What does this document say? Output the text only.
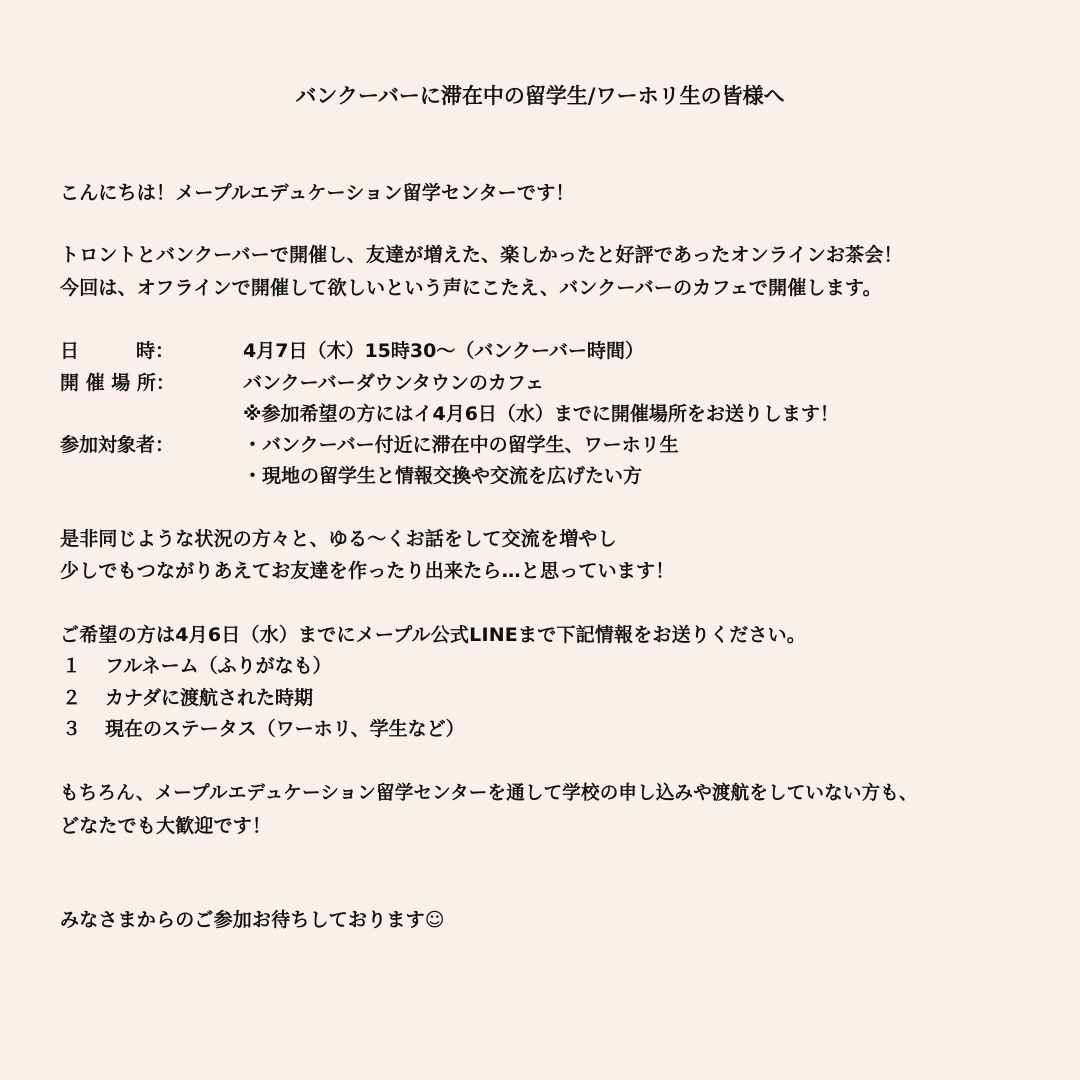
バンクーバーに滞在中の留学生/ワーホリ生の皆様へ
こんにちは！メープルエデュケーション留学センターです！
トロントとバンクーバーで開催し、友達が増えた、楽しかったと好評であったオンラインお茶会！
今回は、オフラインで開催して欲しいという声にこたえ、バンクーバーのカフェで開催します。
日　　　時：	4月7日（木）15時30～（バンクーバー時間）
開 催 場 所：	バンクーバーダウンタウンのカフェ
※参加希望の方にはイ4月6日（水）までに開催場所をお送りします！
参加対象者：	・バンクーバー付近に滞在中の留学生、ワーホリ生
・現地の留学生と情報交換や交流を広げたい方
是非同じような状況の方々と、ゆる～くお話をして交流を増やし
少しでもつながりあえてお友達を作ったり出来たら…と思っています！
ご希望の方は4月6日（水）までにメープル公式LINEまで下記情報をお送りください。
１ フルネーム（ふりがなも）
２ カナダに渡航された時期
３ 現在のステータス（ワーホリ、学生など）
もちろん、メープルエデュケーション留学センターを通して学校の申し込みや渡航をしていない方も、
どなたでも大歓迎です！
みなさまからのご参加お待ちしております☺
